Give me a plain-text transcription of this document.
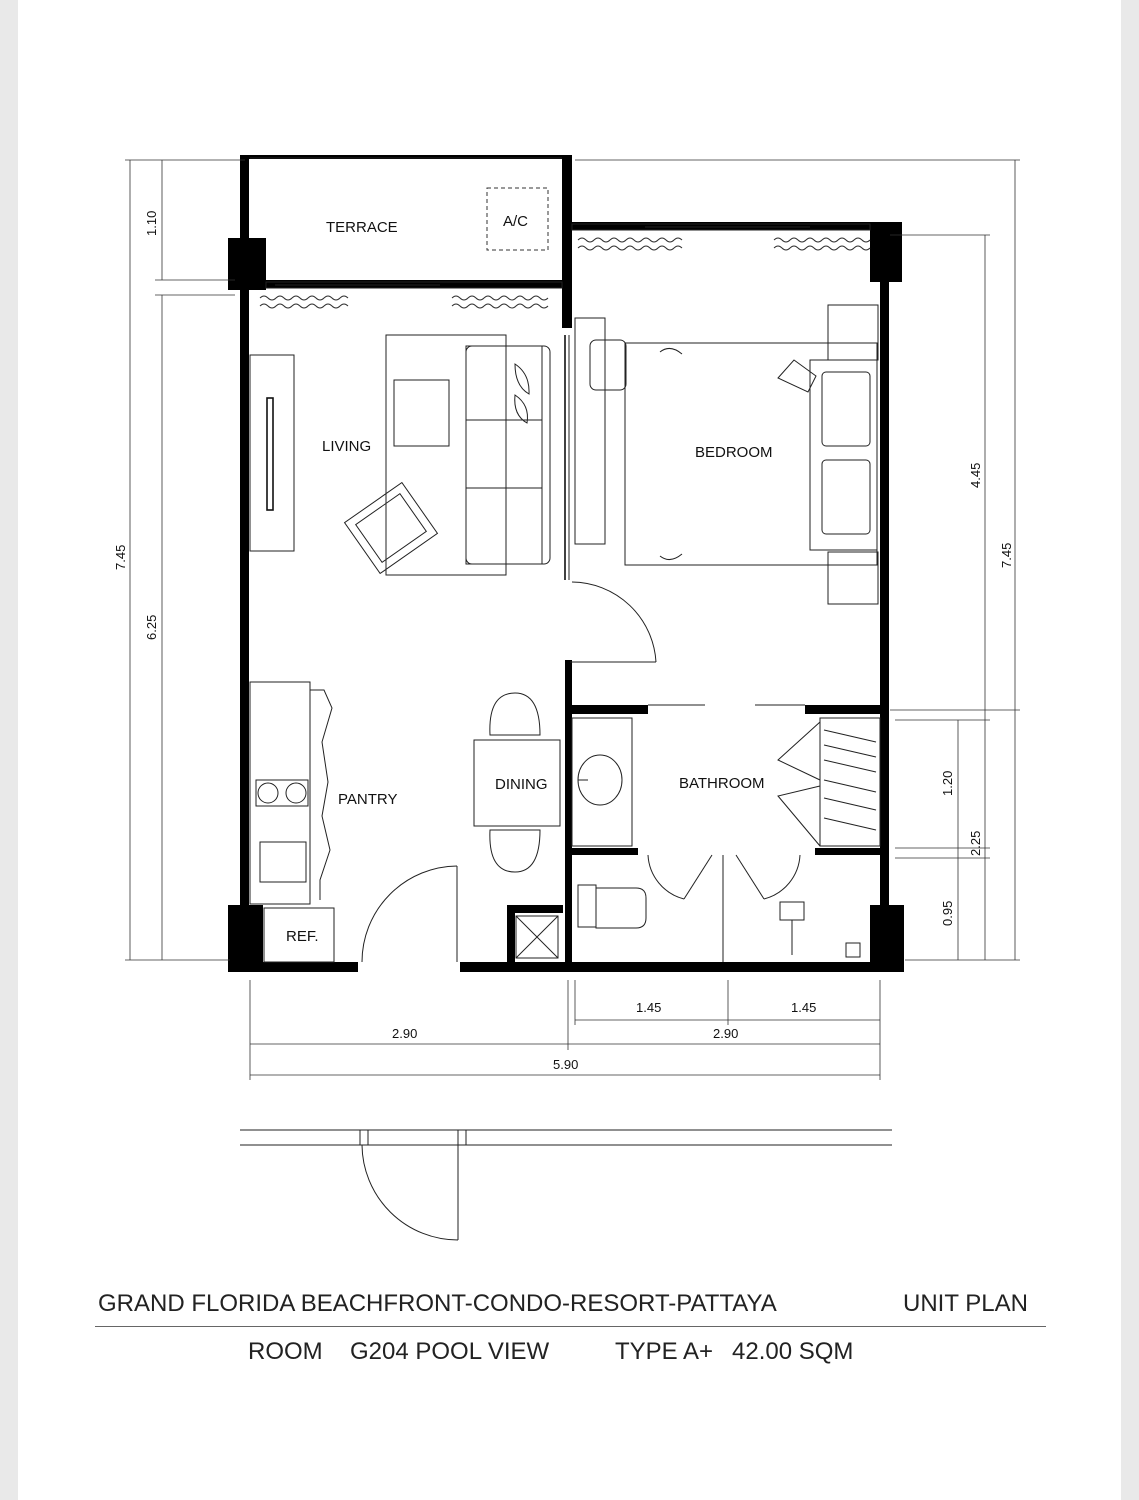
TERRACE	A/C
LIVING	BEDROOM
PANTRY
DINING	BATHROOM
REF.
7.45
1.10
6.25
4.45
7.45
1.20
2.25
0.95
1.45	1.45
2.90	2.90
5.90
GRAND FLORIDA BEACHFRONT-CONDO-RESORT-PATTAYA	UNIT PLAN
ROOM G204 POOL VIEW	TYPE A+ 42.00 SQM
